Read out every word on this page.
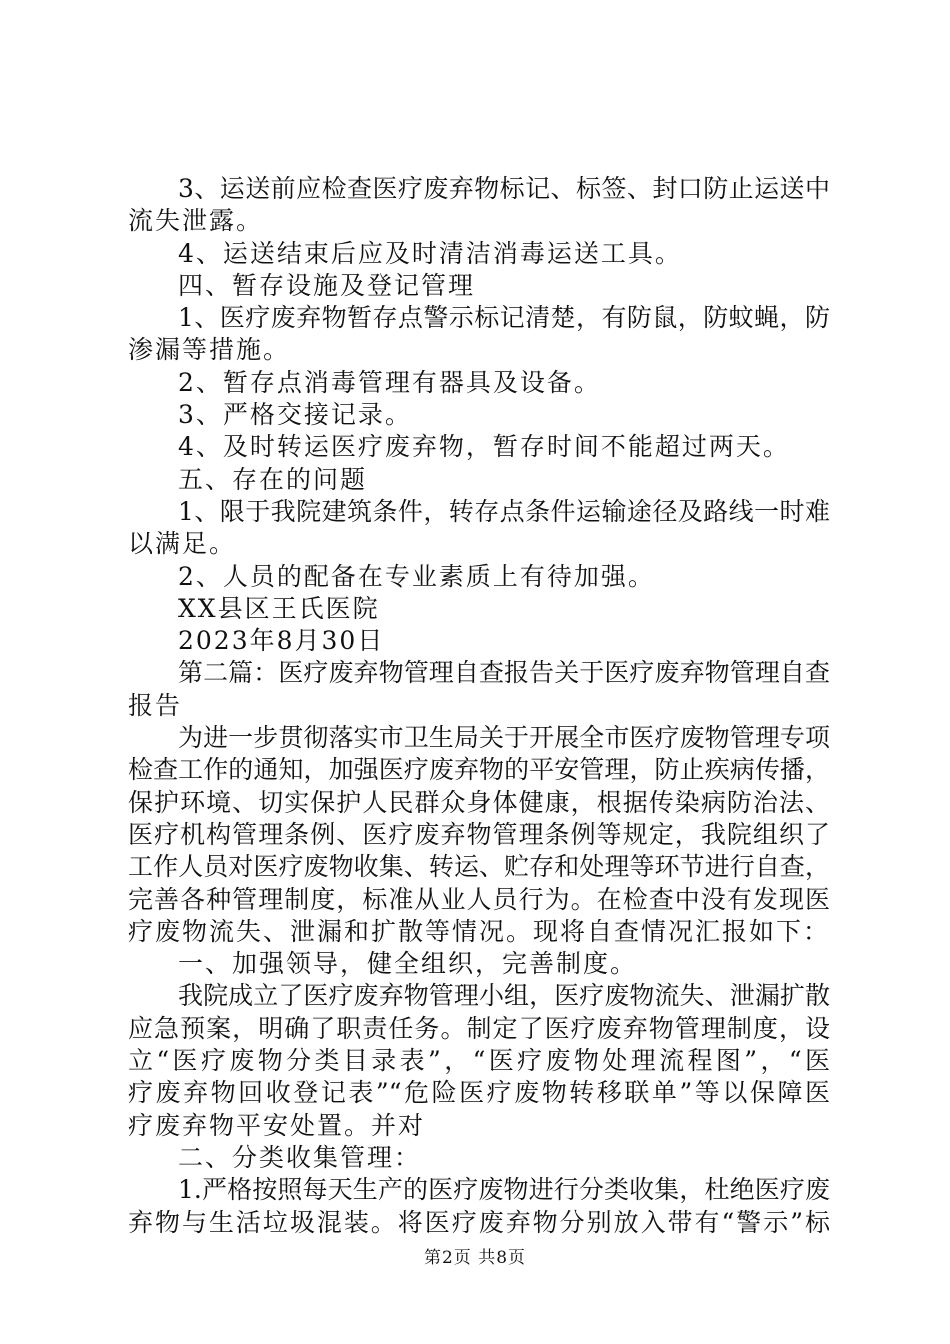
3、运送前应检查医疗废弃物标记、标签、封口防止运送中
流失泄露。
4、运送结束后应及时清洁消毒运送工具。
四、暂存设施及登记管理
1、医疗废弃物暂存点警示标记清楚，有防鼠，防蚊蝇，防
渗漏等措施。
2、暂存点消毒管理有器具及设备。
3、严格交接记录。
4、及时转运医疗废弃物，暂存时间不能超过两天。
五、存在的问题
1、限于我院建筑条件，转存点条件运输途径及路线一时难
以满足。
2、人员的配备在专业素质上有待加强。
XX县区王氏医院
2023年8月30日
第二篇：医疗废弃物管理自查报告关于医疗废弃物管理自查
报告
为进一步贯彻落实市卫生局关于开展全市医疗废物管理专项
检查工作的通知，加强医疗废弃物的平安管理，防止疾病传播，
保护环境、切实保护人民群众身体健康，根据传染病防治法、
医疗机构管理条例、医疗废弃物管理条例等规定，我院组织了
工作人员对医疗废物收集、转运、贮存和处理等环节进行自查，
完善各种管理制度，标准从业人员行为。在检查中没有发现医
疗废物流失、泄漏和扩散等情况。现将自查情况汇报如下：
一、加强领导，健全组织，完善制度。
我院成立了医疗废弃物管理小组，医疗废物流失、泄漏扩散
应急预案，明确了职责任务。制定了医疗废弃物管理制度，设
立“医疗废物分类目录表”，“医疗废物处理流程图”，“医
疗废弃物回收登记表”“危险医疗废物转移联单”等以保障医
疗废弃物平安处置。并对
二、分类收集管理：
1.严格按照每天生产的医疗废物进行分类收集，杜绝医疗废
弃物与生活垃圾混装。将医疗废弃物分别放入带有“警示”标
第2页 共8页
